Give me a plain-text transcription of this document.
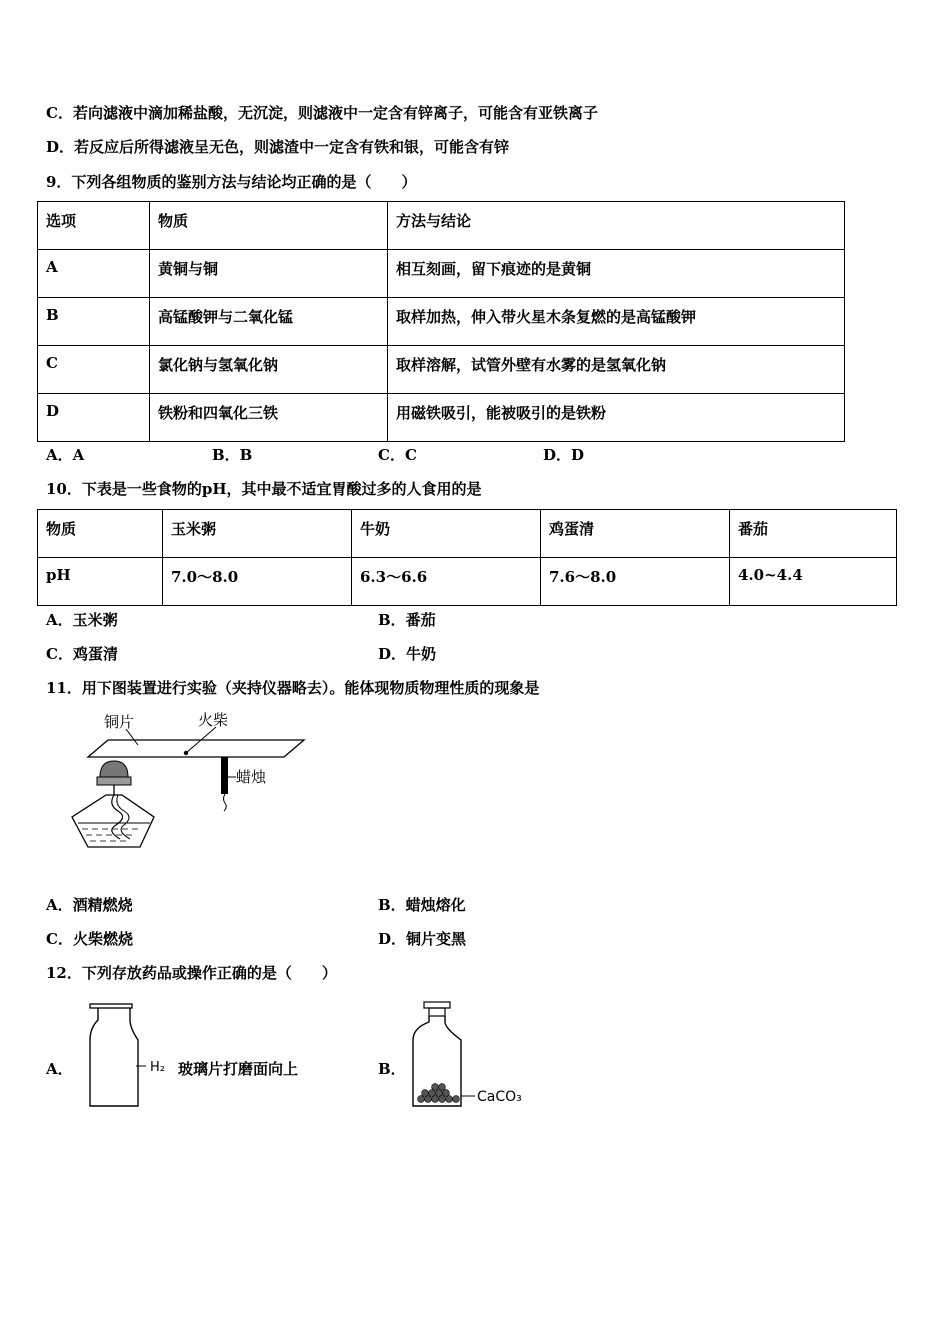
C．若向滤液中滴加稀盐酸，无沉淀，则滤液中一定含有锌离子，可能含有亚铁离子
D．若反应后所得滤液呈无色，则滤渣中一定含有铁和银，可能含有锌
9．下列各组物质的鉴别方法与结论均正确的是（　　）
选项	物质	方法与结论
A	黄铜与铜	相互刻画，留下痕迹的是黄铜
B	高锰酸钾与二氧化锰	取样加热，伸入带火星木条复燃的是高锰酸钾
C	氯化钠与氢氧化钠	取样溶解，试管外壁有水雾的是氢氧化钠
D	铁粉和四氧化三铁	用磁铁吸引，能被吸引的是铁粉
A．A	B．B	C．C	D．D
10．下表是一些食物的pH，其中最不适宜胃酸过多的人食用的是
物质	玉米粥	牛奶	鸡蛋清	番茄
pH	7.0～8.0	6.3～6.6	7.6～8.0	4.0~4.4
A．玉米粥	B．番茄
C．鸡蛋清	D．牛奶
11．用下图装置进行实验（夹持仪器略去）。能体现物质物理性质的现象是
铜片	火柴
蜡烛
A．酒精燃烧	B．蜡烛熔化
C．火柴燃烧	D．铜片变黑
12．下列存放药品或操作正确的是（　　）
A．	H₂ 玻璃片打磨面向上	B．
CaCO₃
